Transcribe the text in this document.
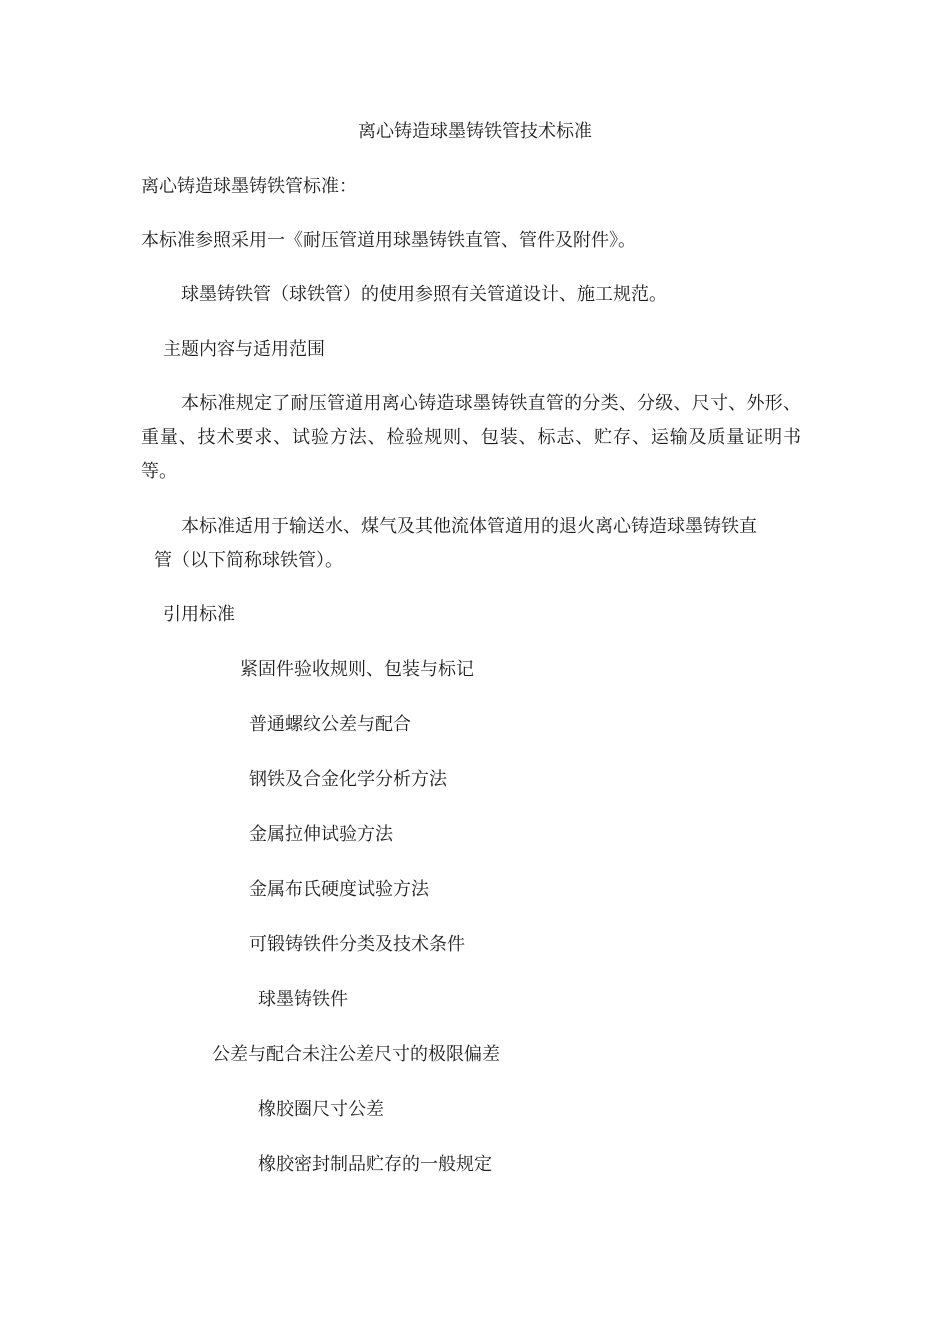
离心铸造球墨铸铁管技术标准

离心铸造球墨铸铁管标准：

本标准参照采用一《耐压管道用球墨铸铁直管、管件及附件》。

球墨铸铁管（球铁管）的使用参照有关管道设计、施工规范。

主题内容与适用范围

本标准规定了耐压管道用离心铸造球墨铸铁直管的分类、分级、尺寸、外形、重量、技术要求、试验方法、检验规则、包装、标志、贮存、运输及质量证明书等。

本标准适用于输送水、煤气及其他流体管道用的退火离心铸造球墨铸铁直

管（以下简称球铁管）。

引用标准

紧固件验收规则、包装与标记

普通螺纹公差与配合

钢铁及合金化学分析方法

金属拉伸试验方法

金属布氏硬度试验方法

可锻铸铁件分类及技术条件

球墨铸铁件

公差与配合未注公差尺寸的极限偏差

橡胶圈尺寸公差

橡胶密封制品贮存的一般规定
